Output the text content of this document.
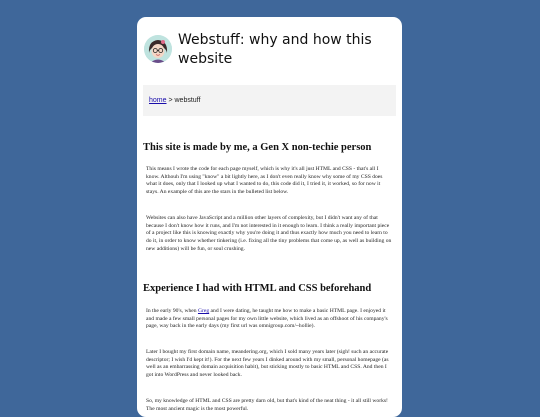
Webstuff: why and how this website
home > webstuff
This site is made by me, a Gen X non-techie person

This means I wrote the code for each page myself, which is why it's all just HTML and CSS - that's all I know. Althouh I'm using "know" a bit lightly here, as I don't even really know why some of my CSS does what it does, only that I looked up what I wanted to do, this code did it, I tried it, it worked, so for now it stays. An example of this are the stars in the bulleted list below.

Websites can also have JavaScript and a million other layers of complexity, but I didn't want any of that because I don't know how it runs, and I'm not interested in it enough to learn. I think a really important piece of a project like this is knowing exactly why you're doing it and thus exactly how much you need to learn to do it, in order to know whether tinkering (i.e. fixing all the tiny problems that come up, as well as building on new additions) will be fun, or soul crushing.

Experience I had with HTML and CSS beforehand

In the early 90's, when Greg and I were dating, he taught me how to make a basic HTML page. I enjoyed it and made a few small personal pages for my own little website, which lived as an offshoot of his company's page, way back in the early days (my first url was omnigroup.com/~hollie).

Later I bought my first domain name, meandering.org, which I sold many years later (sigh! such an accurate descriptor; I wish I'd kept it!). For the next few years I dinked around with my small, personal homepage (as well as an embarrassing domain acquisition habit), but sticking mostly to basic HTML and CSS. And then I got into WordPress and never looked back.

So, my knowledge of HTML and CSS are pretty darn old, but that's kind of the neat thing - it all still works! The most ancient magic is the most powerful.
